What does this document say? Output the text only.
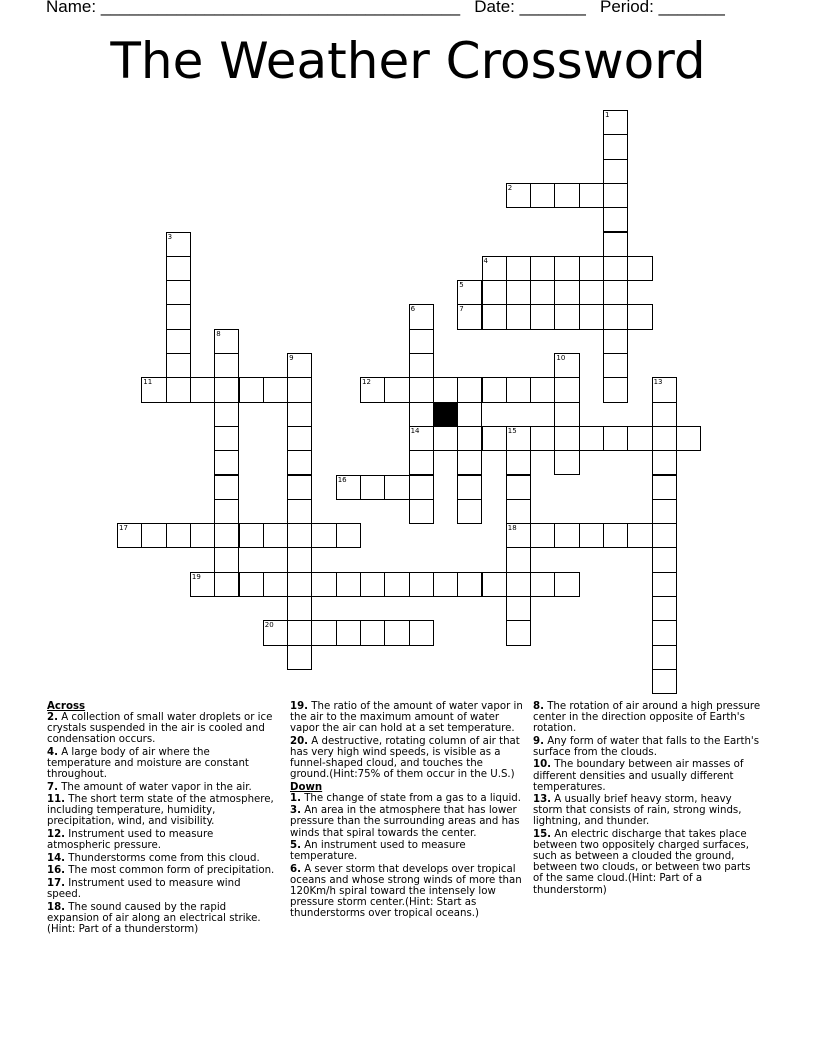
Name: ______________________________________ Date: _______ Period: _______
The Weather Crossword
1
2
3
4
5
6
14
7
8
9	10
11	12	13
15
18
16
17
19
20
Across
2. A collection of small water droplets or ice crystals suspended in the air is cooled and condensation occurs.
4. A large body of air where the temperature and moisture are constant throughout.
7. The amount of water vapor in the air.
11. The short term state of the atmosphere, including temperature, humidity, precipitation, wind, and visibility.
12. Instrument used to measure atmospheric pressure.
14. Thunderstorms come from this cloud.
16. The most common form of precipitation.
17. Instrument used to measure wind speed.
18. The sound caused by the rapid expansion of air along an electrical strike.(Hint: Part of a thunderstorm)
19. The ratio of the amount of water vapor in the air to the maximum amount of water vapor the air can hold at a set temperature.
20. A destructive, rotating column of air that has very high wind speeds, is visible as a funnel-shaped cloud, and touches the ground.(Hint:75% of them occur in the U.S.)
Down
1. The change of state from a gas to a liquid.
3. An area in the atmosphere that has lower pressure than the surrounding areas and has winds that spiral towards the center.
5. An instrument used to measure temperature.
6. A sever storm that develops over tropical oceans and whose strong winds of more than 120Km/h spiral toward the intensely low pressure storm center.(Hint: Start as thunderstorms over tropical oceans.)
8. The rotation of air around a high pressure center in the direction opposite of Earth's rotation.
9. Any form of water that falls to the Earth's surface from the clouds.
10. The boundary between air masses of different densities and usually different temperatures.
13. A usually brief heavy storm, heavy storm that consists of rain, strong winds, lightning, and thunder.
15. An electric discharge that takes place between two oppositely charged surfaces, such as between a clouded the ground, between two clouds, or between two parts of the same cloud.(Hint: Part of a thunderstorm)
